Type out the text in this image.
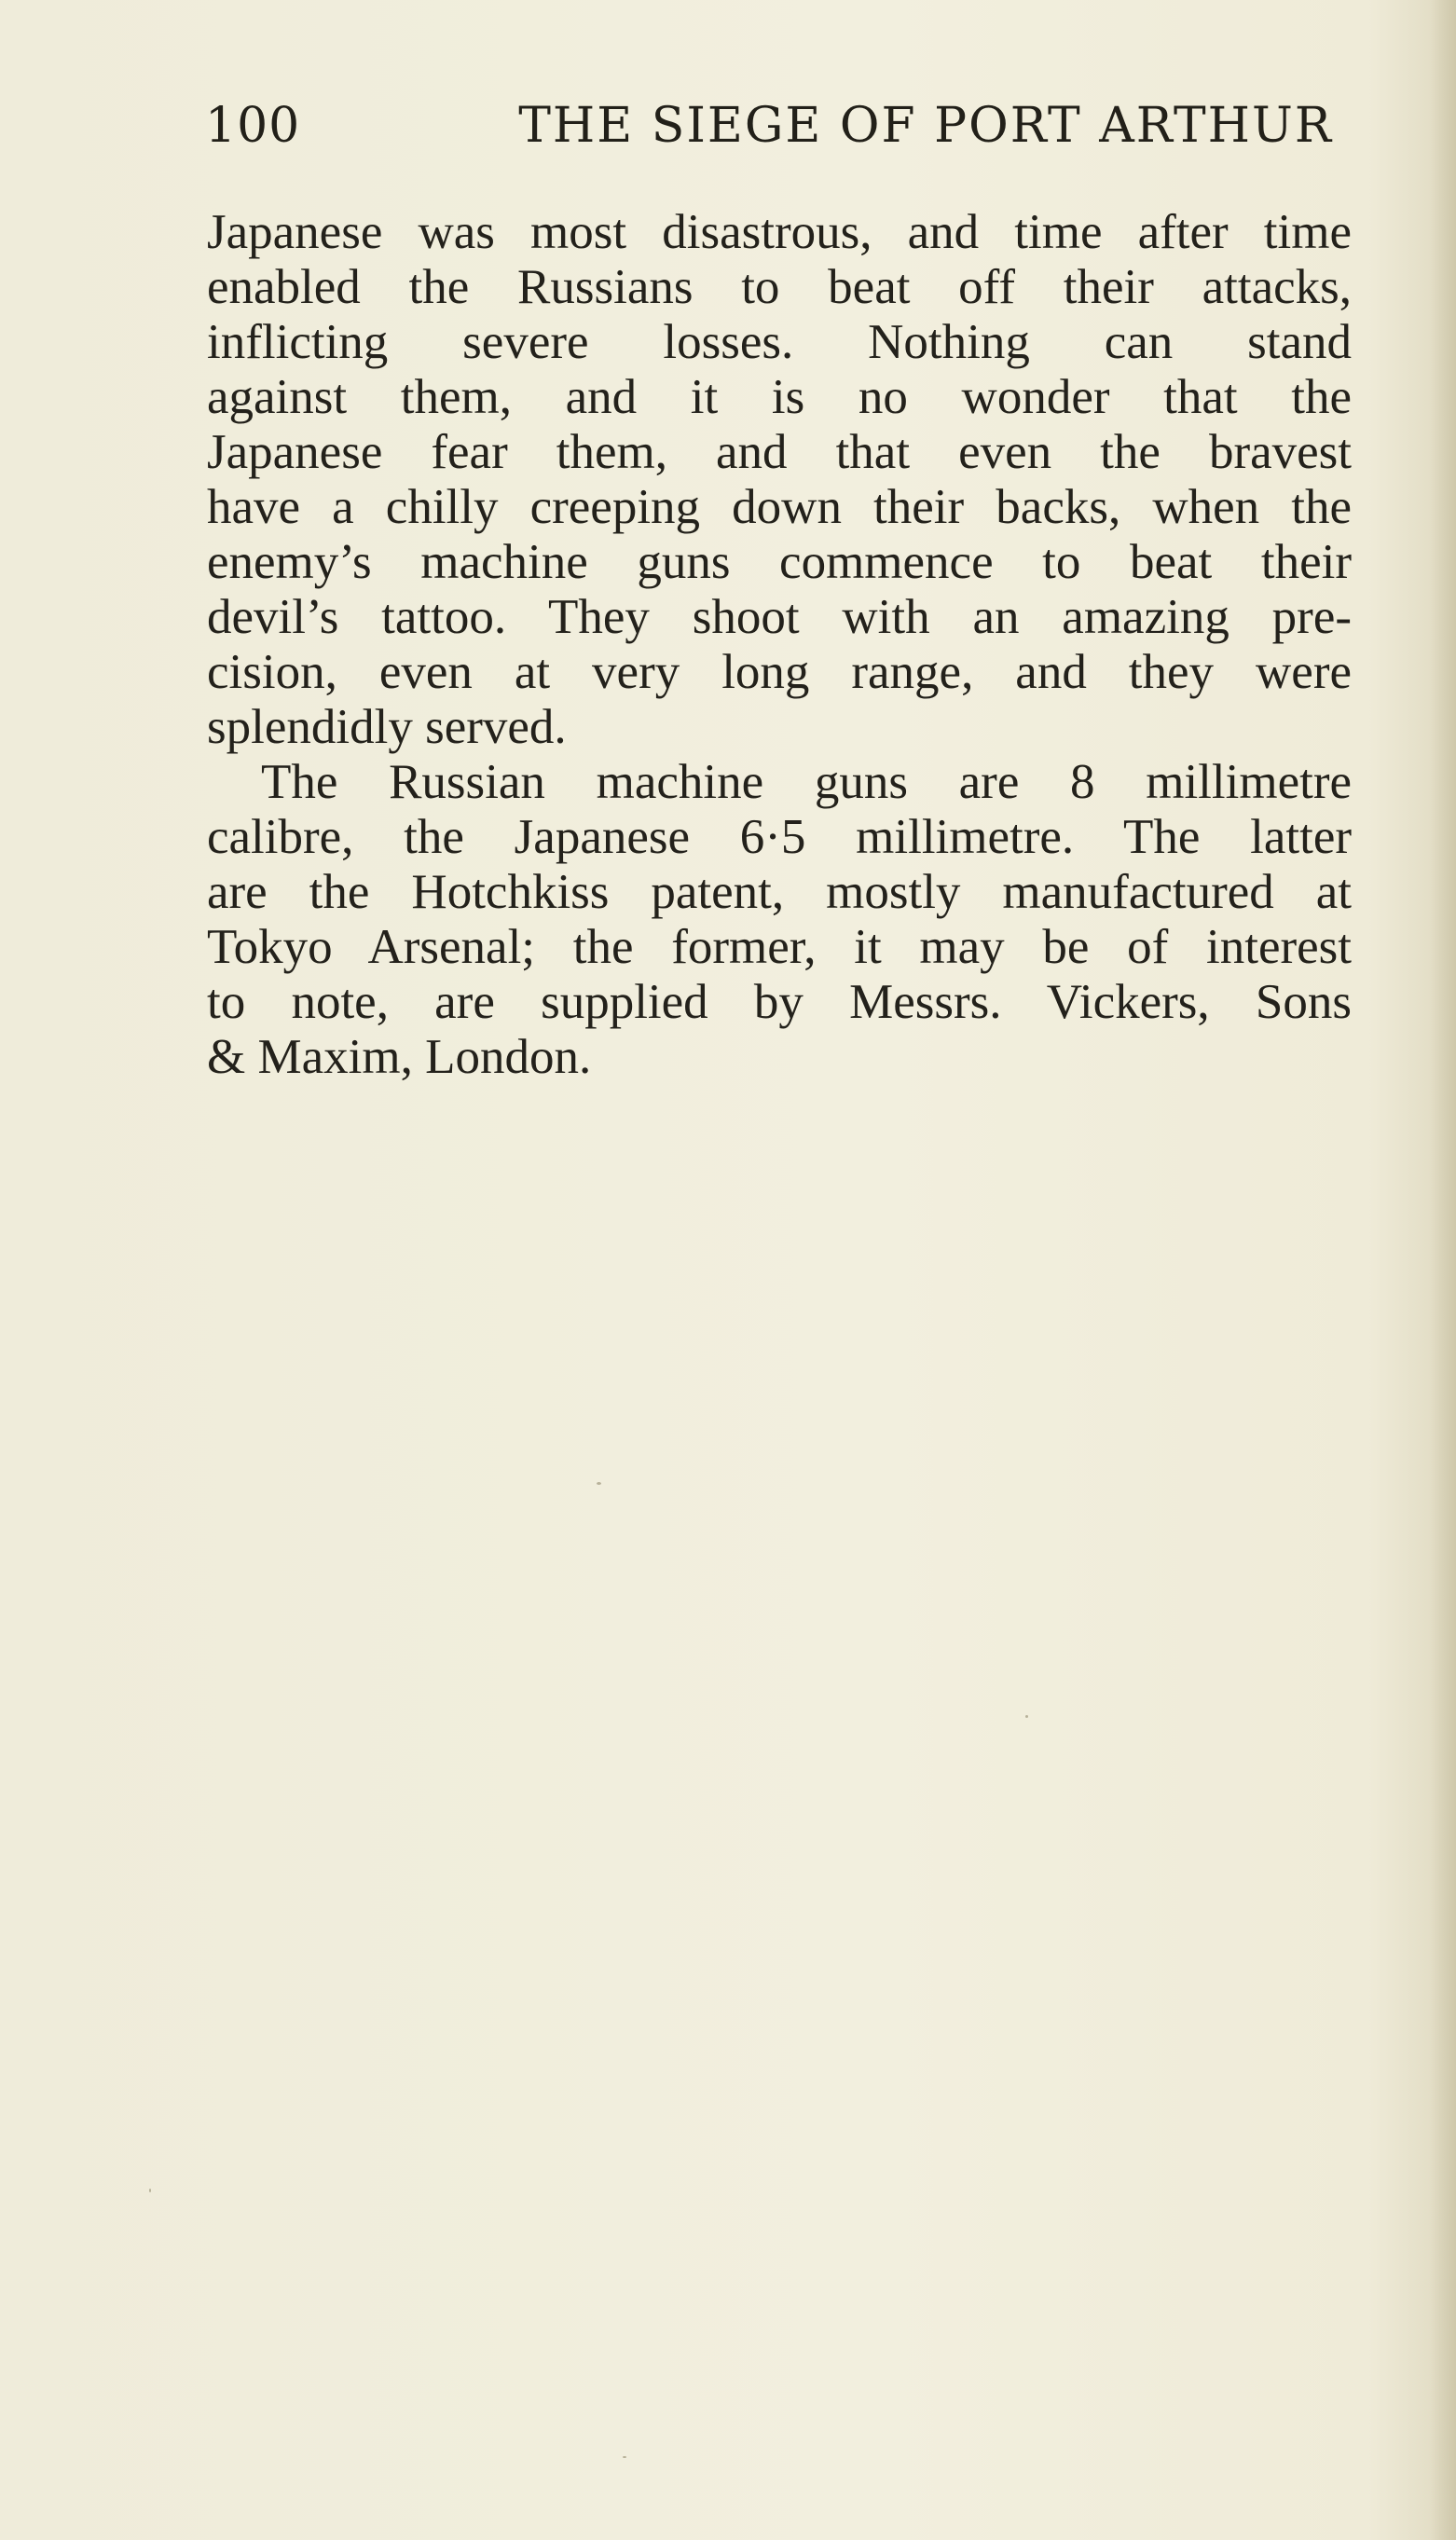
100	THE SIEGE OF PORT ARTHUR
Japanese was most disastrous, and time after time
enabled the Russians to beat off their attacks,
inflicting severe losses. Nothing can stand
against them, and it is no wonder that the
Japanese fear them, and that even the bravest
have a chilly creeping down their backs, when the
enemy’s machine guns commence to beat their
devil’s tattoo. They shoot with an amazing pre-
cision, even at very long range, and they were
splendidly served.
The Russian machine guns are 8 millimetre
calibre, the Japanese 6·5 millimetre. The latter
are the Hotchkiss patent, mostly manufactured at
Tokyo Arsenal; the former, it may be of interest
to note, are supplied by Messrs. Vickers, Sons
& Maxim, London.
